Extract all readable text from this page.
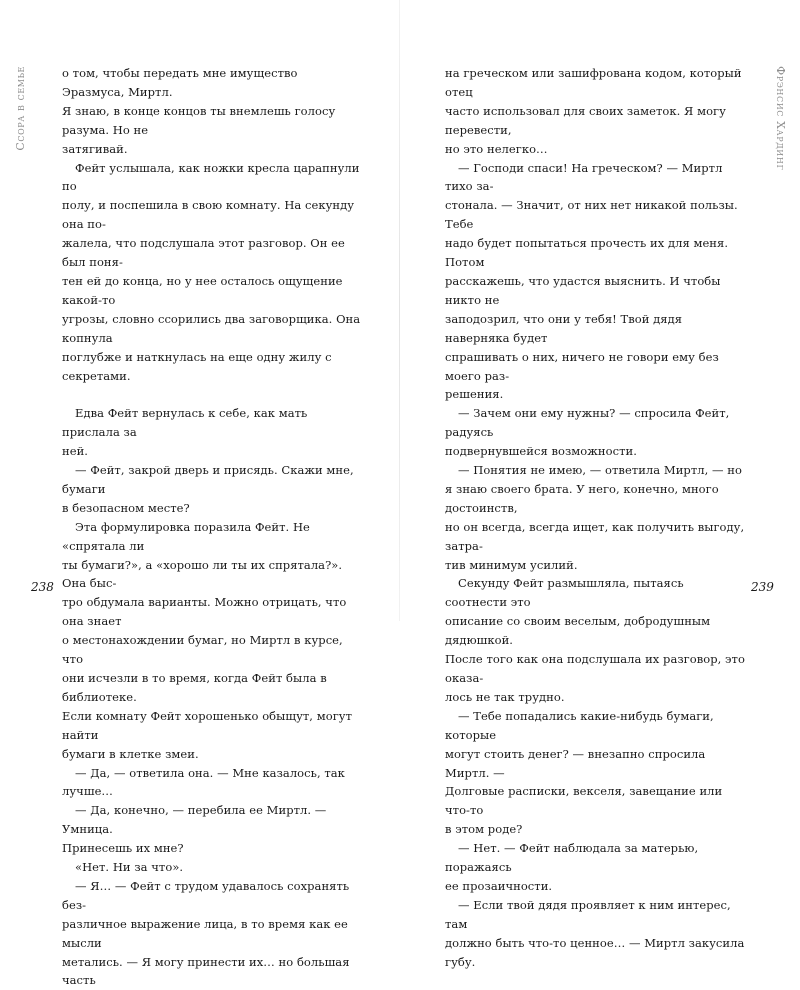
Ссора в семье	о том, чтобы передать мне имущество Эразмуса, Миртл.

Я знаю, в конце концов ты внемлешь голосу разума. Но не

затягивай.

Фейт услышала, как ножки кресла царапнули по

полу, и поспешила в свою комнату. На секунду она по-

жалела, что подслушала этот разговор. Он ее был поня-

тен ей до конца, но у нее осталось ощущение какой-то

угрозы, словно ссорились два заговорщика. Она копнула

поглубже и наткнулась на еще одну жилу с секретами.

Едва Фейт вернулась к себе, как мать прислала за

ней.

— Фейт, закрой дверь и присядь. Скажи мне, бумаги

в безопасном месте?

Эта формулировка поразила Фейт. Не «спрятала ли

ты бумаги?», а «хорошо ли ты их спрятала?». Она быс-

тро обдумала варианты. Можно отрицать, что она знает

о местонахождении бумаг, но Миртл в курсе, что

они исчезли в то время, когда Фейт была в библиотеке.

Если комнату Фейт хорошенько обыщут, могут найти

бумаги в клетке змеи.

— Да, — ответила она. — Мне казалось, так лучше…

— Да, конечно, — перебила ее Миртл. — Умница.

Принесешь их мне?

«Нет. Ни за что».

— Я… — Фейт с трудом удавалось сохранять без-

различное выражение лица, в то время как ее мысли

метались. — Я могу принести их… но большая часть

238

на греческом или зашифрована кодом, который отец

часто использовал для своих заметок. Я могу перевести,

но это нелегко…

— Господи спаси! На греческом? — Миртл тихо за-

стонала. — Значит, от них нет никакой пользы. Тебе

надо будет попытаться прочесть их для меня. Потом

расскажешь, что удастся выяснить. И чтобы никто не

заподозрил, что они у тебя! Твой дядя наверняка будет

спрашивать о них, ничего не говори ему без моего раз-

решения.

— Зачем они ему нужны? — спросила Фейт, радуясь

подвернувшейся возможности.

— Понятия не имею, — ответила Миртл, — но

я знаю своего брата. У него, конечно, много достоинств,

но он всегда, всегда ищет, как получить выгоду, затра-

тив минимум усилий.

Секунду Фейт размышляла, пытаясь соотнести это

описание со своим веселым, добродушным дядюшкой.

После того как она подслушала их разговор, это оказа-

лось не так трудно.

— Тебе попадались какие-нибудь бумаги, которые

могут стоить денег? — внезапно спросила Миртл. —

Долговые расписки, векселя, завещание или что-то

в этом роде?

— Нет. — Фейт наблюдала за матерью, поражаясь

ее прозаичности.

— Если твой дядя проявляет к ним интерес, там

должно быть что-то ценное… — Миртл закусила губу.

Фрэнсис Хардинг
239
